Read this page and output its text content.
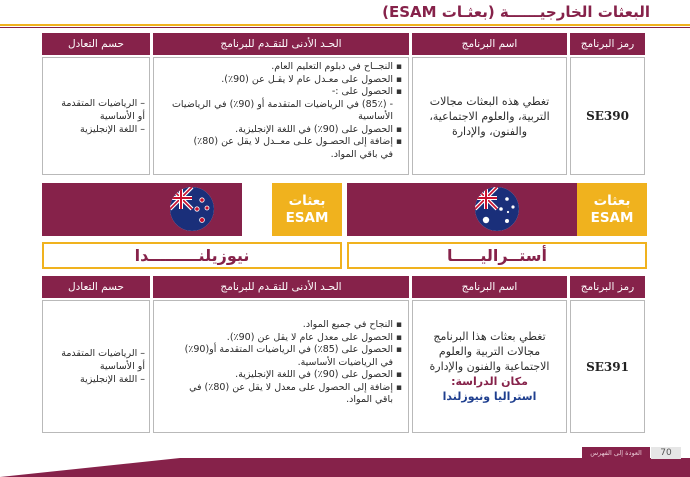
البعثات الخارجيــــــة (بعثـات ESAM)
رمز البرنامج
اسم البرنامج
الحـد الأدنى للتقـدم للبرنامج
حسم التعادل
SE390
تغطي هذه البعثات مجالات
التربية، والعلوم الاجتماعية،
والفنون، والإدارة
▪ النجــاح في دبلوم التعليم العام.
▪ الحصول على معـدل عام لا يقـل عن (90٪).
▪ الحصول على :-
- (85٪) في الرياضيات المتقدمة أو (90٪) في الرياضيات
الأساسية
▪ الحصول على (90٪) في اللغة الإنجليزية.
▪ إضافة إلى الحصـول علـى معــدل لا يقل عن (80٪)
في باقي المواد.
– الرياضيات المتقدمة
أو الأساسية
– اللغة الإنجليزية
بعثات
ESAM
نيوزيلنـــــــــدا
بعثات
ESAM
أستــراليـــــا
رمز البرنامج
اسم البرنامج
الحـد الأدنى للتقـدم للبرنامج
حسم التعادل
SE391
تغطي بعثات هذا البرنامج
مجالات التربية والعلوم
الاجتماعية والفنون والإدارة
مكان الدراسة:
استراليا ونيوزلندا
▪ النجاح في جميع المواد.
▪ الحصول على معدل عام لا يقل عن (90٪).
▪ الحصول على (85٪) في الرياضيات المتقدمة أو(90٪)
في الرياضيات الأساسية.
▪ الحصول على (90٪) في اللغة الإنجليزية.
▪ إضافة إلى الحصول على معدل لا يقل عن (80٪) في
باقي المواد.
– الرياضيات المتقدمة
أو الأساسية
– اللغة الإنجليزية
العودة إلى الفهرس	70
